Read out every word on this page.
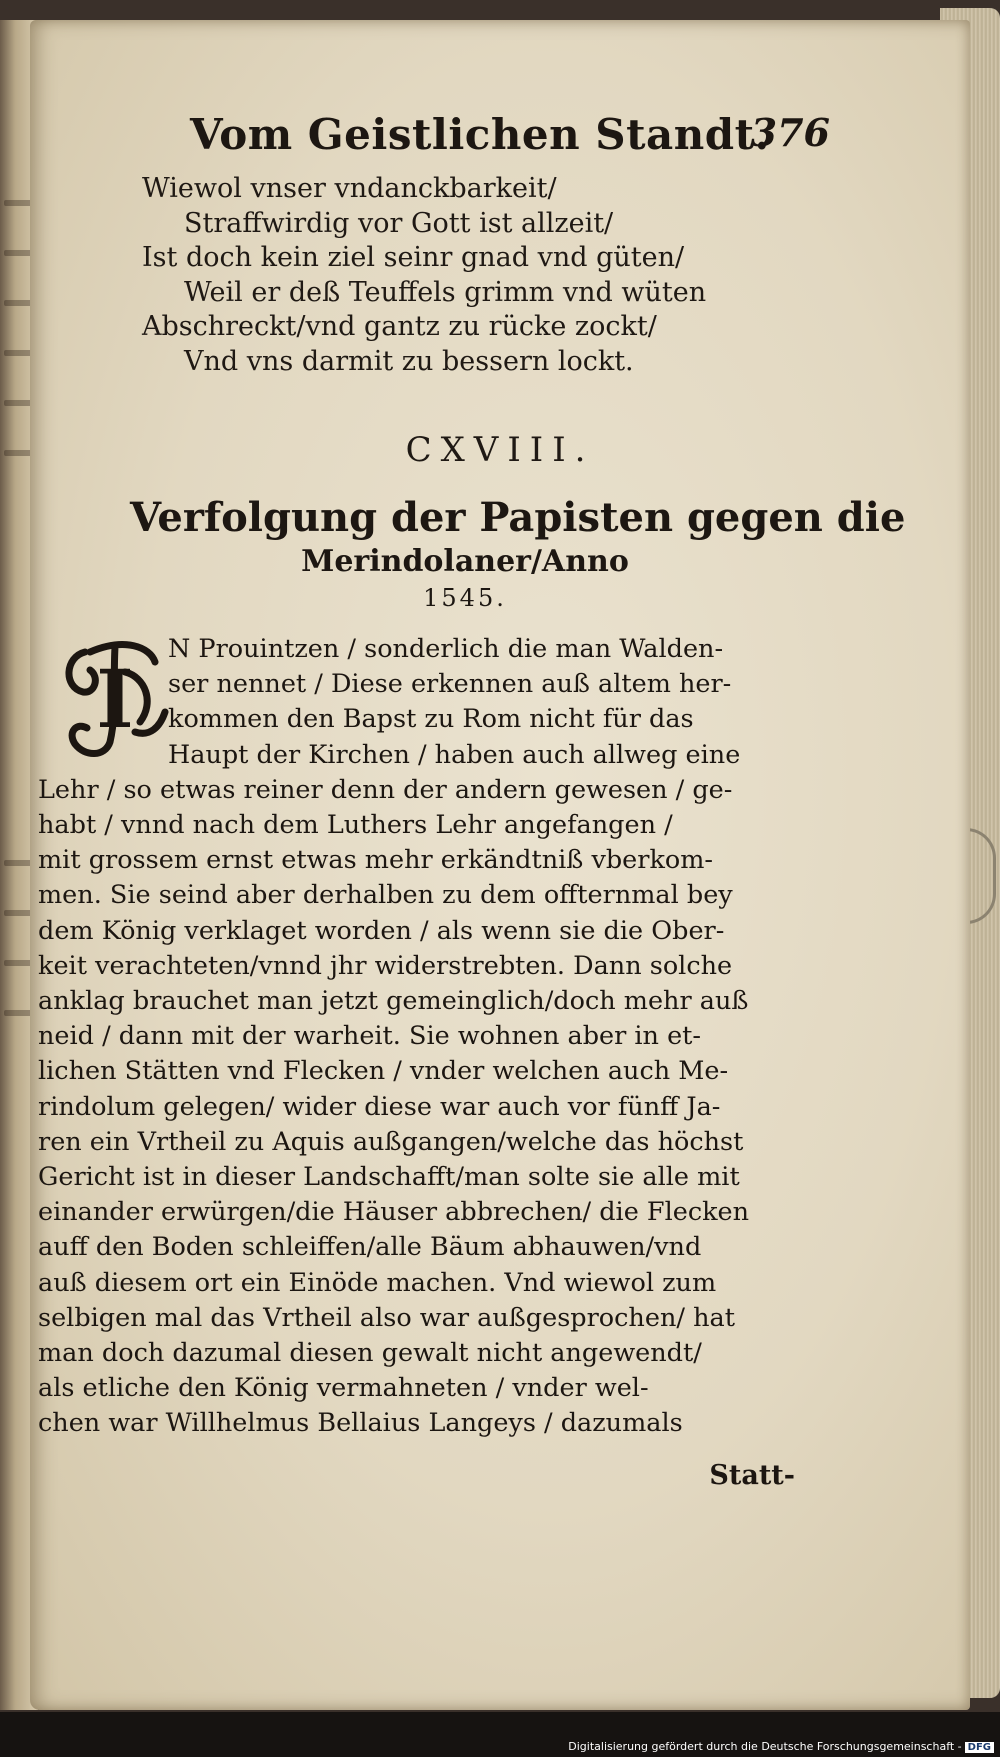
Vom Geistlichen Standt.
376
Wiewol vnser vndanckbarkeit/
Straffwirdig vor Gott ist allzeit/
Ist doch kein ziel seinr gnad vnd güten/
Weil er deß Teuffels grimm vnd wüten
Abschreckt/vnd gantz zu rücke zockt/
Vnd vns darmit zu bessern lockt.
CXVIII.
Verfolgung der Papisten gegen die
Merindolaner/Anno
1545.
I
N Prouintzen / sonderlich die man Walden-
ser nennet / Diese erkennen auß altem her-
kommen den Bapst zu Rom nicht für das
Haupt der Kirchen / haben auch allweg eine
Lehr / so etwas reiner denn der andern gewesen / ge-
habt / vnnd nach dem Luthers Lehr angefangen /
mit grossem ernst etwas mehr erkändtniß vberkom-
men. Sie seind aber derhalben zu dem offternmal bey
dem König verklaget worden / als wenn sie die Ober-
keit verachteten/vnnd jhr widerstrebten. Dann solche
anklag brauchet man jetzt gemeinglich/doch mehr auß
neid / dann mit der warheit. Sie wohnen aber in et-
lichen Stätten vnd Flecken / vnder welchen auch Me-
rindolum gelegen/ wider diese war auch vor fünff Ja-
ren ein Vrtheil zu Aquis außgangen/welche das höchst
Gericht ist in dieser Landschafft/man solte sie alle mit
einander erwürgen/die Häuser abbrechen/ die Flecken
auff den Boden schleiffen/alle Bäum abhauwen/vnd
auß diesem ort ein Einöde machen. Vnd wiewol zum
selbigen mal das Vrtheil also war außgesprochen/ hat
man doch dazumal diesen gewalt nicht angewendt/
als etliche den König vermahneten / vnder wel-
chen war Willhelmus Bellaius Langeys / dazumals
Statt-
Digitalisierung gefördert durch die Deutsche Forschungsgemeinschaft - DFG
